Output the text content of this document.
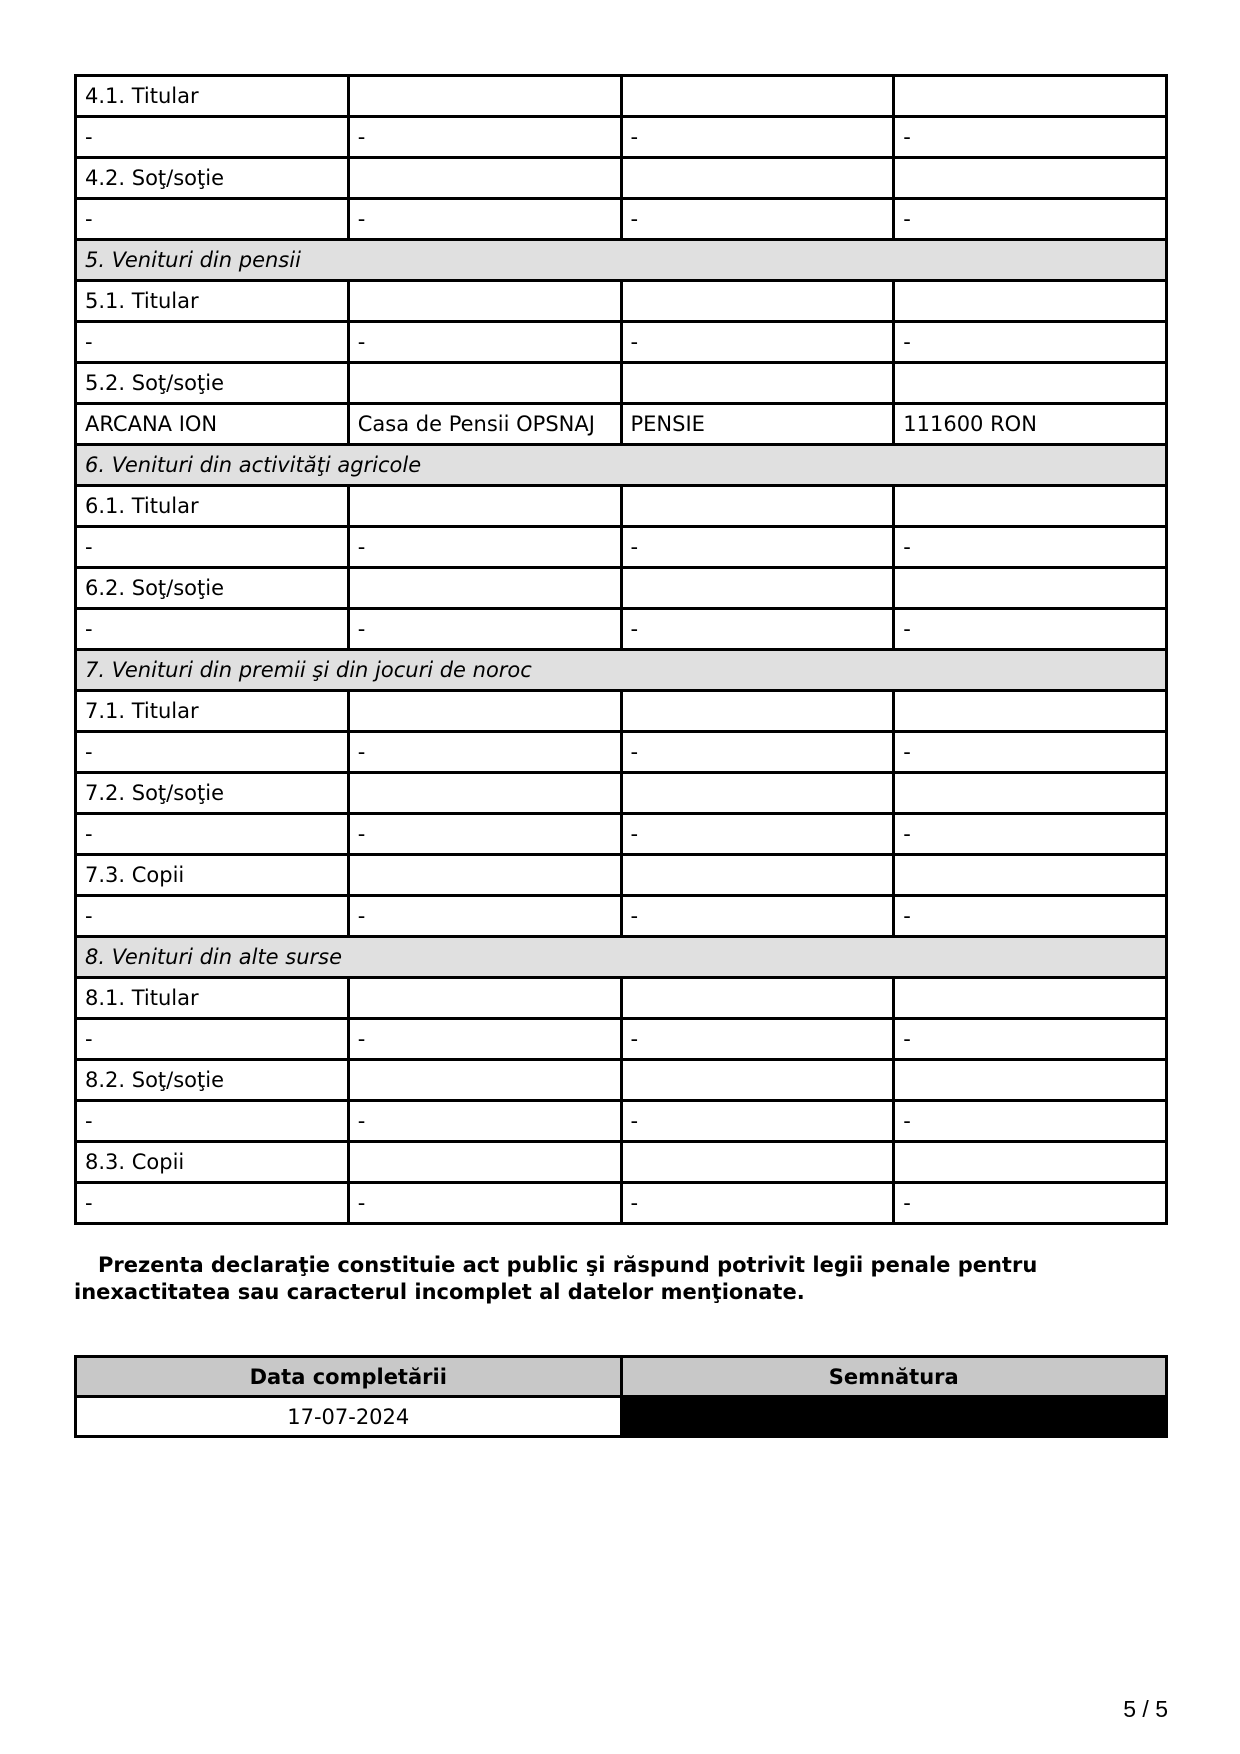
4.1. Titular			
-	-	-	-
4.2. Soţ/soţie			
-	-	-	-
5. Venituri din pensii			
5.1. Titular			
-	-	-	-
5.2. Soţ/soţie			
ARCANA ION	Casa de Pensii OPSNAJ	PENSIE	111600 RON
6. Venituri din activităţi agricole			
6.1. Titular			
-	-	-	-
6.2. Soţ/soţie			
-	-	-	-
7. Venituri din premii şi din jocuri de noroc			
7.1. Titular			
-	-	-	-
7.2. Soţ/soţie			
-	-	-	-
7.3. Copii			
-	-	-	-
8. Venituri din alte surse			
8.1. Titular			
-	-	-	-
8.2. Soţ/soţie			
-	-	-	-
8.3. Copii			
-	-	-	-
Prezenta declaraţie constituie act public şi răspund potrivit legii penale pentru inexactitatea sau caracterul incomplet al datelor menţionate.
Data completării	Semnătura
17-07-2024	
5 / 5
